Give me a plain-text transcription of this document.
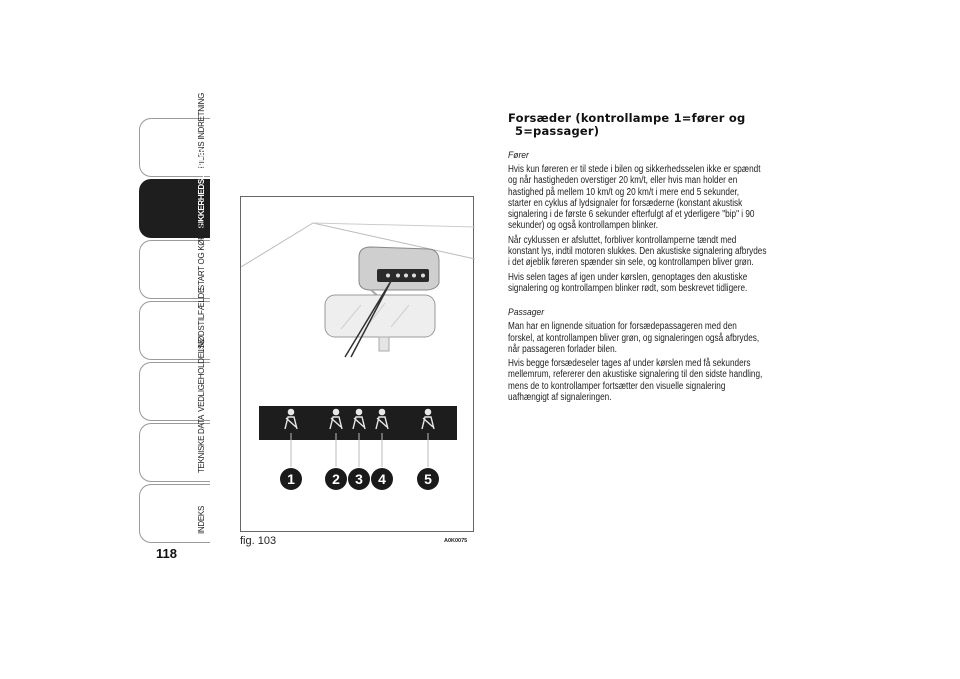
BILENS INDRETNING
SIKKERHEDSUDSTYR
START OG KØRSEL
I NØDSTILFÆLDE
VEDLIGEHOLDELSE
TEKNISKE DATA
INDEKS
118
1	2 3 4	5
fig. 103	A0K0075
Forsæder (kontrollampe 1=fører og
5=passager)
Fører
Hvis kun føreren er til stede i bilen og sikkerhedsselen ikke er spændt
og når hastigheden overstiger 20 km/t, eller hvis man holder en
hastighed på mellem 10 km/t og 20 km/t i mere end 5 sekunder,
starter en cyklus af lydsignaler for forsæderne (konstant akustisk
signalering i de første 6 sekunder efterfulgt af et yderligere "bip" i 90
sekunder) og også kontrollampen blinker.
Når cyklussen er afsluttet, forbliver kontrollamperne tændt med
konstant lys, indtil motoren slukkes. Den akustiske signalering afbrydes
i det øjeblik føreren spænder sin sele, og kontrollampen bliver grøn.
Hvis selen tages af igen under kørslen, genoptages den akustiske
signalering og kontrollampen blinker rødt, som beskrevet tidligere.
Passager
Man har en lignende situation for forsædepassageren med den
forskel, at kontrollampen bliver grøn, og signaleringen også afbrydes,
når passageren forlader bilen.
Hvis begge forsædeseler tages af under kørslen med få sekunders
mellemrum, refererer den akustiske signalering til den sidste handling,
mens de to kontrollamper fortsætter den visuelle signalering
uafhængigt af signaleringen.
